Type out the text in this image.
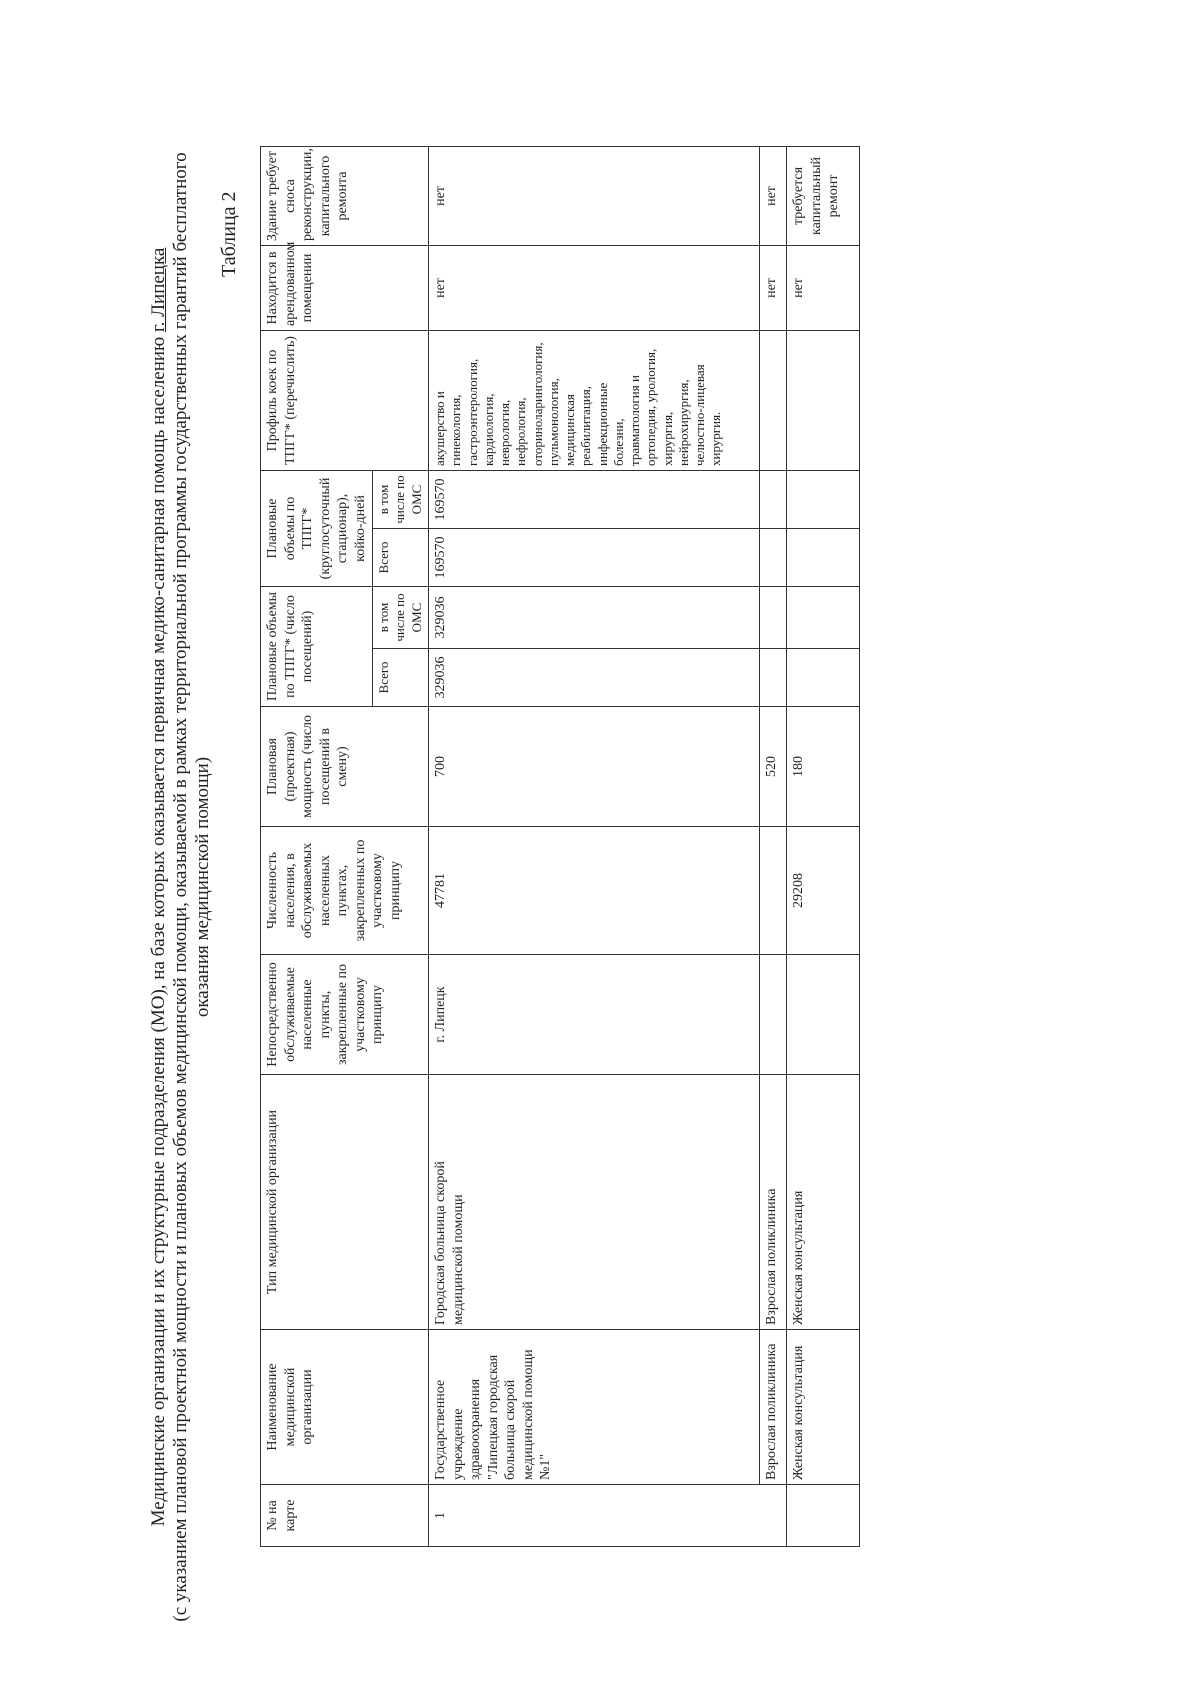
Медицинские организации и их структурные подразделения (МО), на базе которых оказывается первичная медико-санитарная помощь населению г. Липецка (с указанием плановой проектной мощности и плановых объемов медицинской помощи, оказываемой в рамках территориальной программы государственных гарантий бесплатного оказания медицинской помощи)
Таблица 2
№ на карте	Наименование медицинской организации	Тип медицинской организации	Непосредственно обслуживаемые населенные пункты, закрепленные по участковому принципу	Численность населения, в обслуживаемых населенных пунктах, закрепленных по участковому принципу	Плановая (проектная) мощность (число посещений в смену)	Плановые объемы по ТПГГ* (число посещений)		Плановые объемы по ТПГГ* (круглосуточный стационар), койко-дней		Профиль коек по ТПГГ* (перечислить)	Находится в арендованном помещении	Здание требует сноса реконструкции, капитального ремонта
						Всего	в том числе по ОМС	Всего	в том числе по ОМС			
1	Государственное учреждение здравоохранения "Липецкая городская больница скорой медицинской помощи №1"	Городская больница скорой медицинской помощи	г. Липецк	47781	700	329036	329036	169570	169570	акушерство и гинекология, гастроэнтерология, кардиология, неврология, нефрология, оториноларингология, пульмонология, медицинская реабилитация, инфекционные болезни, травматология и ортопедия, урология, хирургия, нейрохирургия, челюстно-лицевая хирургия.	нет	нет
	Взрослая поликлиника	Взрослая поликлиника			520						нет	нет
	Женская консультация	Женская консультация		29208	180						нет	требуется капитальный ремонт
